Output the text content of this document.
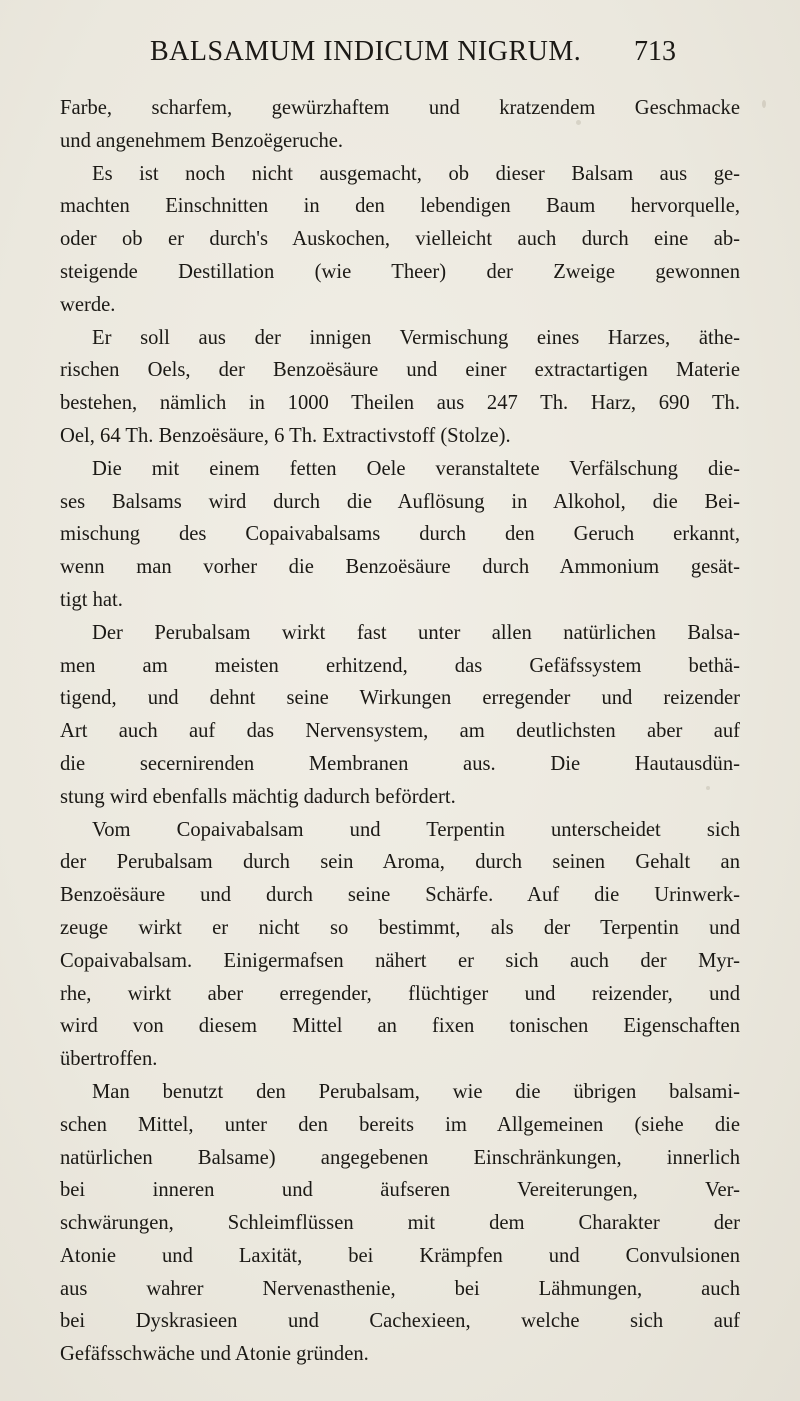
BALSAMUM INDICUM NIGRUM.	713
Farbe, scharfem, gewürzhaftem und kratzendem Geschmacke
und angenehmem Benzoëgeruche.
Es ist noch nicht ausgemacht, ob dieser Balsam aus ge-
machten Einschnitten in den lebendigen Baum hervorquelle,
oder ob er durch's Auskochen, vielleicht auch durch eine ab-
steigende Destillation (wie Theer) der Zweige gewonnen
werde.
Er soll aus der innigen Vermischung eines Harzes, äthe-
rischen Oels, der Benzoësäure und einer extractartigen Materie
bestehen, nämlich in 1000 Theilen aus 247 Th. Harz, 690 Th.
Oel, 64 Th. Benzoësäure, 6 Th. Extractivstoff (Stolze).
Die mit einem fetten Oele veranstaltete Verfälschung die-
ses Balsams wird durch die Auflösung in Alkohol, die Bei-
mischung des Copaivabalsams durch den Geruch erkannt,
wenn man vorher die Benzoësäure durch Ammonium gesät-
tigt hat.
Der Perubalsam wirkt fast unter allen natürlichen Balsa-
men am meisten erhitzend, das Gefäfssystem bethä-
tigend, und dehnt seine Wirkungen erregender und reizender
Art auch auf das Nervensystem, am deutlichsten aber auf
die secernirenden Membranen aus. Die Hautausdün-
stung wird ebenfalls mächtig dadurch befördert.
Vom Copaivabalsam und Terpentin unterscheidet sich
der Perubalsam durch sein Aroma, durch seinen Gehalt an
Benzoësäure und durch seine Schärfe. Auf die Urinwerk-
zeuge wirkt er nicht so bestimmt, als der Terpentin und
Copaivabalsam. Einigermafsen nähert er sich auch der Myr-
rhe, wirkt aber erregender, flüchtiger und reizender, und
wird von diesem Mittel an fixen tonischen Eigenschaften
übertroffen.
Man benutzt den Perubalsam, wie die übrigen balsami-
schen Mittel, unter den bereits im Allgemeinen (siehe die
natürlichen Balsame) angegebenen Einschränkungen, innerlich
bei inneren und äufseren Vereiterungen, Ver-
schwärungen, Schleimflüssen mit dem Charakter der
Atonie und Laxität, bei Krämpfen und Convulsionen
aus wahrer Nervenasthenie, bei Lähmungen, auch
bei Dyskrasieen und Cachexieen, welche sich auf
Gefäfsschwäche und Atonie gründen.
